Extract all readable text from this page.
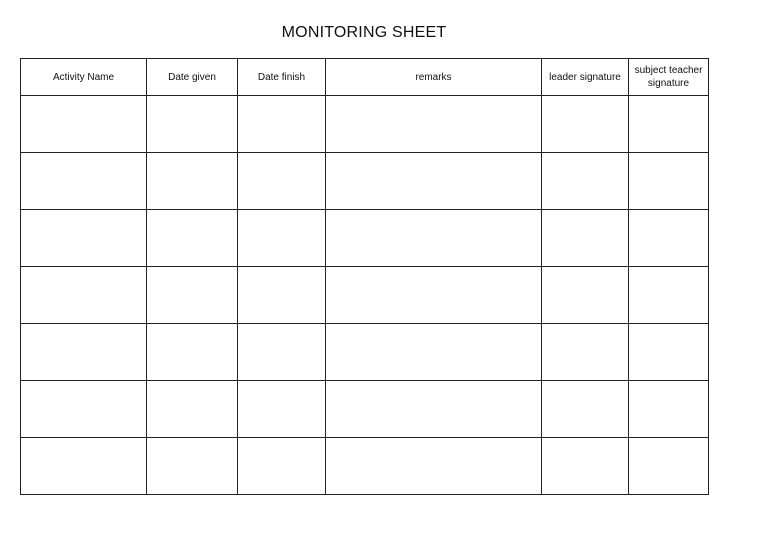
MONITORING SHEET
Activity Name	Date given	Date finish	remarks	leader signature	subject teacher signature
